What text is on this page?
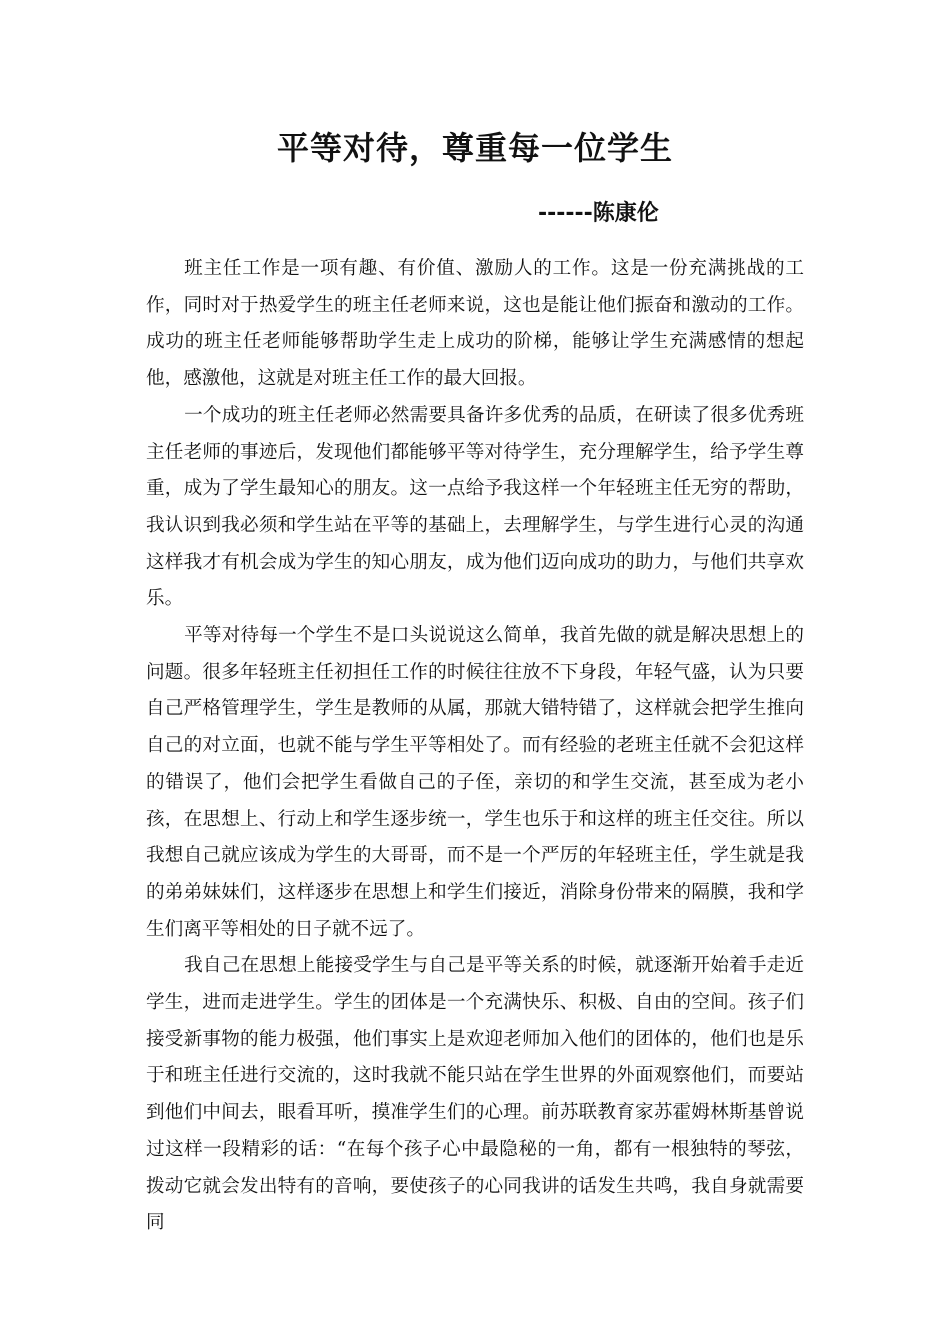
平等对待，尊重每一位学生
------陈康伦

班主任工作是一项有趣、有价值、激励人的工作。这是一份充满挑战的工作，同时对于热爱学生的班主任老师来说，这也是能让他们振奋和激动的工作。成功的班主任老师能够帮助学生走上成功的阶梯，能够让学生充满感情的想起他，感激他，这就是对班主任工作的最大回报。

一个成功的班主任老师必然需要具备许多优秀的品质，在研读了很多优秀班主任老师的事迹后，发现他们都能够平等对待学生，充分理解学生，给予学生尊重，成为了学生最知心的朋友。这一点给予我这样一个年轻班主任无穷的帮助，我认识到我必须和学生站在平等的基础上，去理解学生，与学生进行心灵的沟通这样我才有机会成为学生的知心朋友，成为他们迈向成功的助力，与他们共享欢乐。

平等对待每一个学生不是口头说说这么简单，我首先做的就是解决思想上的问题。很多年轻班主任初担任工作的时候往往放不下身段，年轻气盛，认为只要自己严格管理学生，学生是教师的从属，那就大错特错了，这样就会把学生推向自己的对立面，也就不能与学生平等相处了。而有经验的老班主任就不会犯这样的错误了，他们会把学生看做自己的子侄，亲切的和学生交流，甚至成为老小孩，在思想上、行动上和学生逐步统一，学生也乐于和这样的班主任交往。所以我想自己就应该成为学生的大哥哥，而不是一个严厉的年轻班主任，学生就是我的弟弟妹妹们，这样逐步在思想上和学生们接近，消除身份带来的隔膜，我和学生们离平等相处的日子就不远了。

我自己在思想上能接受学生与自己是平等关系的时候，就逐渐开始着手走近学生，进而走进学生。学生的团体是一个充满快乐、积极、自由的空间。孩子们接受新事物的能力极强，他们事实上是欢迎老师加入他们的团体的，他们也是乐于和班主任进行交流的，这时我就不能只站在学生世界的外面观察他们，而要站到他们中间去，眼看耳听，摸准学生们的心理。前苏联教育家苏霍姆林斯基曾说过这样一段精彩的话：“在每个孩子心中最隐秘的一角，都有一根独特的琴弦，拨动它就会发出特有的音响，要使孩子的心同我讲的话发生共鸣，我自身就需要同
